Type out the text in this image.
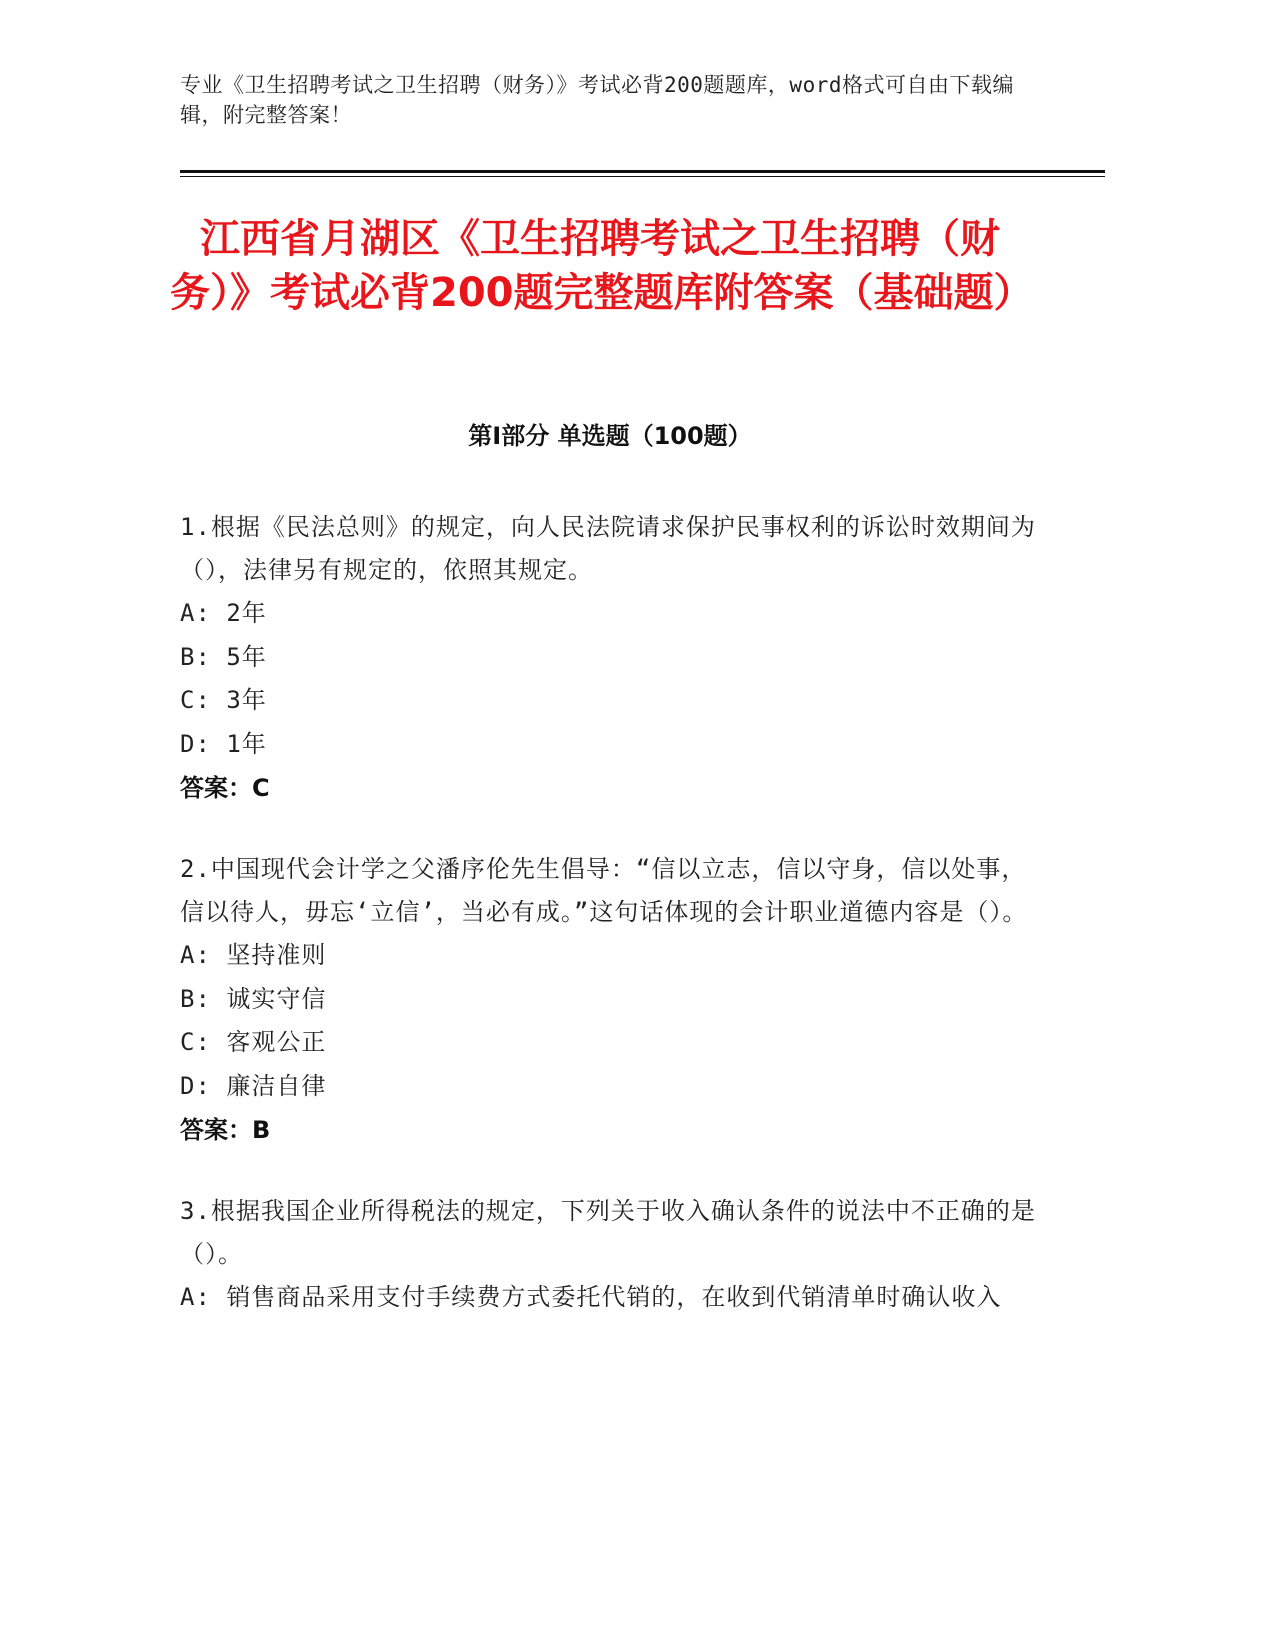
专业《卫生招聘考试之卫生招聘（财务）》考试必背200题题库，word格式可自由下载编辑，附完整答案！
江西省月湖区《卫生招聘考试之卫生招聘（财务）》考试必背200题完整题库附答案（基础题）
第I部分 单选题（100题）
1.根据《民法总则》的规定，向人民法院请求保护民事权利的诉讼时效期间为（），法律另有规定的，依照其规定。
A: 2年
B: 5年
C: 3年
D: 1年
答案：C
2.中国现代会计学之父潘序伦先生倡导：“信以立志，信以守身，信以处事，信以待人，毋忘‘立信’，当必有成。”这句话体现的会计职业道德内容是（）。
A: 坚持准则
B: 诚实守信
C: 客观公正
D: 廉洁自律
答案：B
3.根据我国企业所得税法的规定，下列关于收入确认条件的说法中不正确的是（）。
A: 销售商品采用支付手续费方式委托代销的，在收到代销清单时确认收入
